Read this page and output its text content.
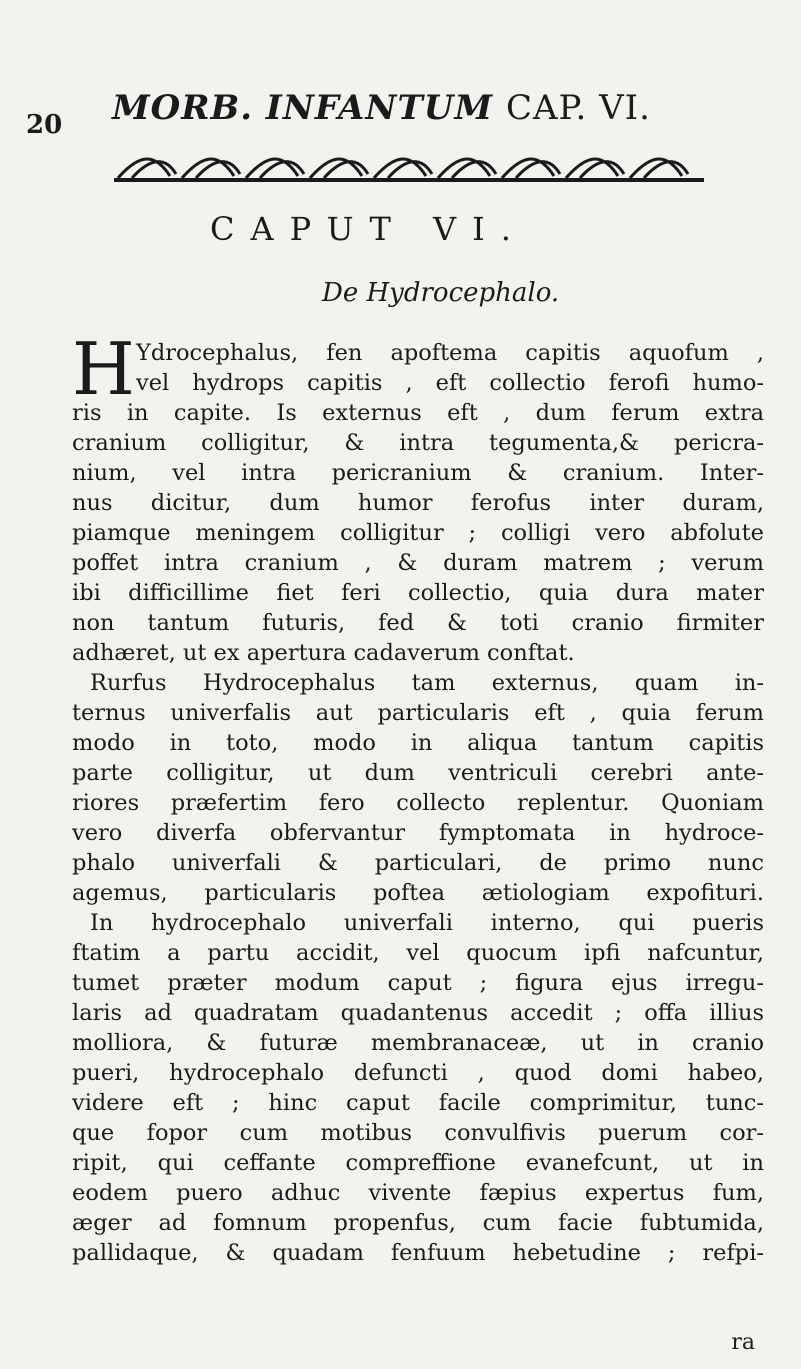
20 MORB. INFANTUM CAP. VI.
CAPUT VI.
De Hydrocephalo.
H Ydrocephalus, fen apoftema capitis aquofum ,
vel hydrops capitis , eft collectio ferofi humo-
ris in capite. Is externus eft , dum ferum extra
cranium colligitur, & intra tegumenta,& pericra-
nium, vel intra pericranium & cranium. Inter-
nus dicitur, dum humor ferofus inter duram,
piamque meningem colligitur ; colligi vero abfolute
poffet intra cranium , & duram matrem ; verum
ibi difficillime fiet feri collectio, quia dura mater
non tantum futuris, fed & toti cranio firmiter
adhæret, ut ex apertura cadaverum conftat.
Rurfus Hydrocephalus tam externus, quam in-
ternus univerfalis aut particularis eft , quia ferum
modo in toto, modo in aliqua tantum capitis
parte colligitur, ut dum ventriculi cerebri ante-
riores præfertim fero collecto replentur. Quoniam
vero diverfa obfervantur fymptomata in hydroce-
phalo univerfali & particulari, de primo nunc
agemus, particularis poftea ætiologiam expofituri.
In hydrocephalo univerfali interno, qui pueris
ftatim a partu accidit, vel quocum ipfi nafcuntur,
tumet præter modum caput ; figura ejus irregu-
laris ad quadratam quadantenus accedit ; offa illius
molliora, & futuræ membranaceæ, ut in cranio
pueri, hydrocephalo defuncti , quod domi habeo,
videre eft ; hinc caput facile comprimitur, tunc-
que fopor cum motibus convulfivis puerum cor-
ripit, qui ceffante compreffione evanefcunt, ut in
eodem puero adhuc vivente fæpius expertus fum,
æger ad fomnum propenfus, cum facie fubtumida,
pallidaque, & quadam fenfuum hebetudine ; refpi-
ra
